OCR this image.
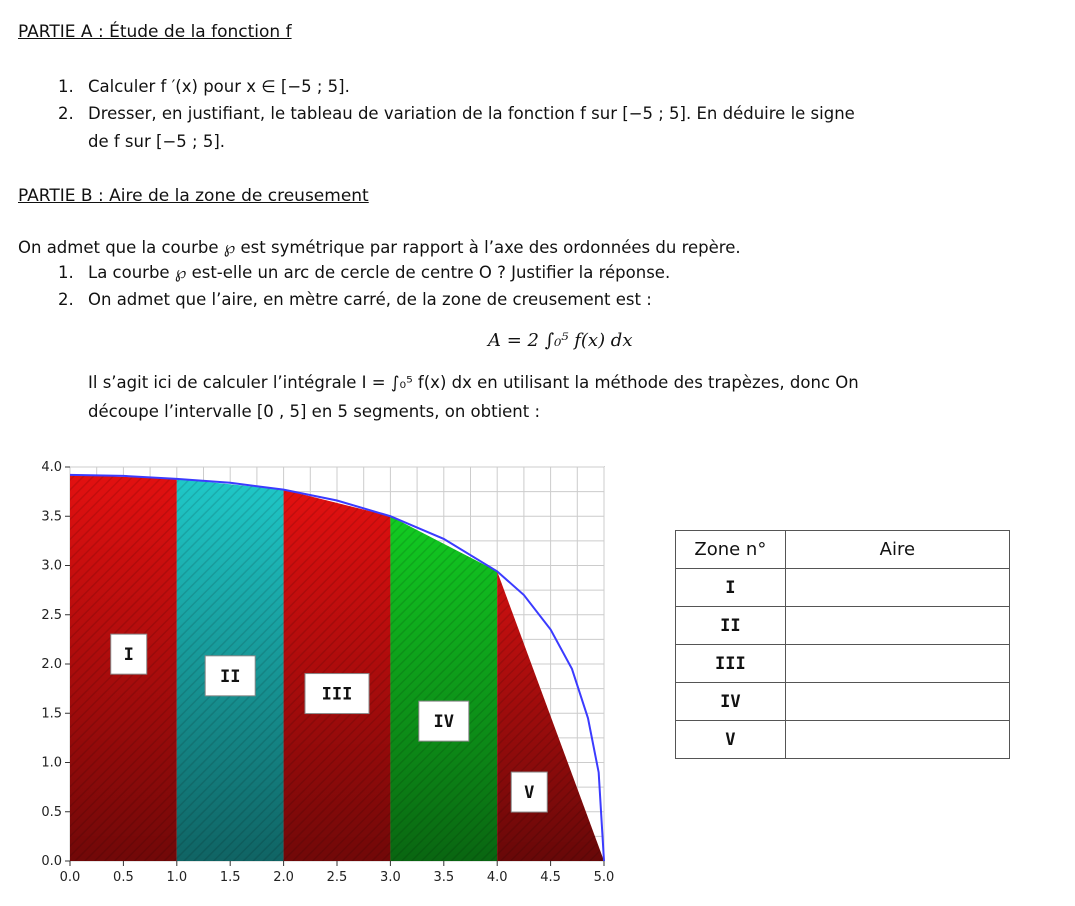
PARTIE A : Étude de la fonction f
1. Calculer f ′(x) pour x ∈ [−5 ; 5].
2. Dresser, en justifiant, le tableau de variation de la fonction f sur [−5 ; 5]. En déduire le signe
de f sur [−5 ; 5].
PARTIE B : Aire de la zone de creusement
On admet que la courbe ℘ est symétrique par rapport à l’axe des ordonnées du repère.
1. La courbe ℘ est-elle un arc de cercle de centre O ? Justifier la réponse.
2. On admet que l’aire, en mètre carré, de la zone de creusement est :
A = 2 ∫₀⁵ f(x) dx
Il s’agit ici de calculer l’intégrale I = ∫₀⁵ f(x) dx en utilisant la méthode des trapèzes, donc On
découpe l’intervalle [0 , 5] en 5 segments, on obtient :
0.0	0.5	1.0	1.5	2.0	2.5	3.0	3.5	4.0	4.5	5.0
0.0
0.5
1.0
1.5
2.0
2.5
3.0
3.5
4.0
I
II
III
IV
V
Zone n°	Aire
I	
II	
III	
IV	
V	
